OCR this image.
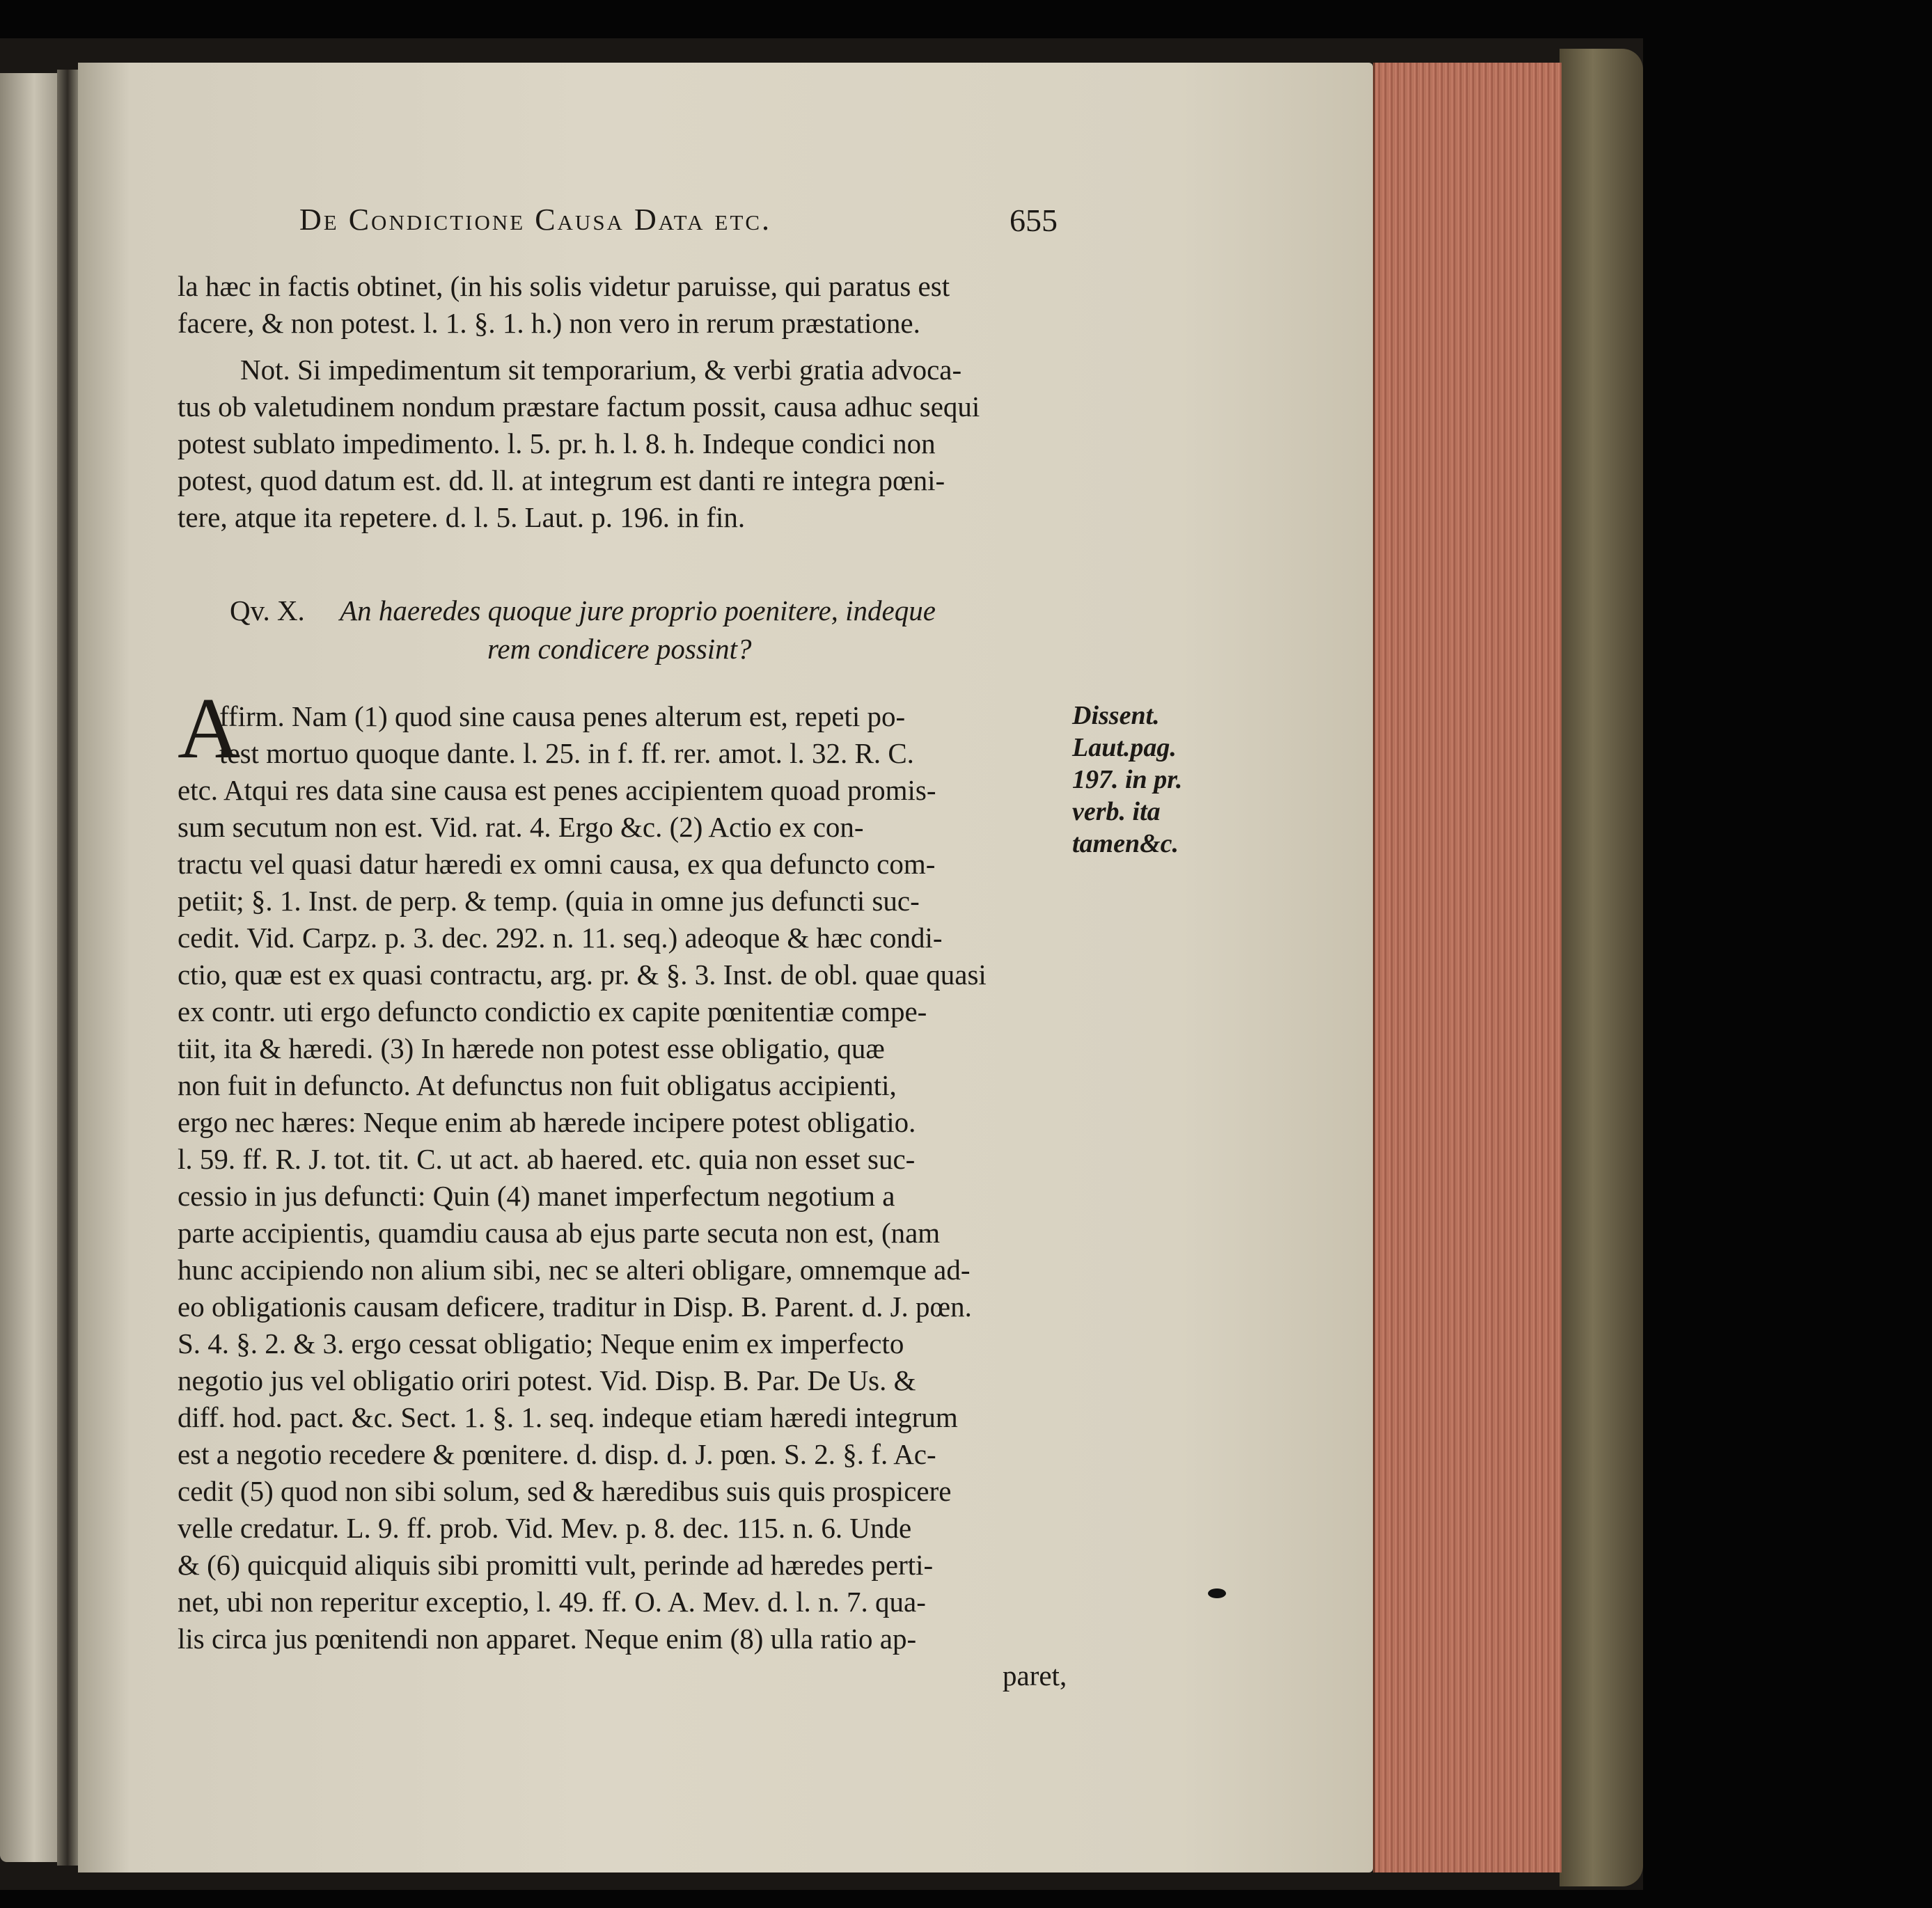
De Condictione Causa Data etc.	655
la hæc in factis obtinet, (in his solis videtur paruisse, qui paratus est
facere, & non potest. l. 1. §. 1. h.) non vero in rerum præstatione.
Not. Si impedimentum sit temporarium, & verbi gratia advoca-
tus ob valetudinem nondum præstare factum possit, causa adhuc sequi
potest sublato impedimento. l. 5. pr. h. l. 8. h. Indeque condici non
potest, quod datum est. dd. ll. at integrum est danti re integra pœni-
tere, atque ita repetere. d. l. 5. Laut. p. 196. in fin.
Qv. X. An haeredes quoque jure proprio poenitere, indeque
rem condicere possint?
A
ffirm. Nam (1) quod sine causa penes alterum est, repeti po-
test mortuo quoque dante. l. 25. in f. ff. rer. amot. l. 32. R. C.
etc. Atqui res data sine causa est penes accipientem quoad promis-
sum secutum non est. Vid. rat. 4. Ergo &c. (2) Actio ex con-
tractu vel quasi datur hæredi ex omni causa, ex qua defuncto com-
petiit; §. 1. Inst. de perp. & temp. (quia in omne jus defuncti suc-
cedit. Vid. Carpz. p. 3. dec. 292. n. 11. seq.) adeoque & hæc condi-
ctio, quæ est ex quasi contractu, arg. pr. & §. 3. Inst. de obl. quae quasi
ex contr. uti ergo defuncto condictio ex capite pœnitentiæ compe-
tiit, ita & hæredi. (3) In hærede non potest esse obligatio, quæ
non fuit in defuncto. At defunctus non fuit obligatus accipienti,
ergo nec hæres: Neque enim ab hærede incipere potest obligatio.
l. 59. ff. R. J. tot. tit. C. ut act. ab haered. etc. quia non esset suc-
cessio in jus defuncti: Quin (4) manet imperfectum negotium a
parte accipientis, quamdiu causa ab ejus parte secuta non est, (nam
hunc accipiendo non alium sibi, nec se alteri obligare, omnemque ad-
eo obligationis causam deficere, traditur in Disp. B. Parent. d. J. pœn.
S. 4. §. 2. & 3. ergo cessat obligatio; Neque enim ex imperfecto
negotio jus vel obligatio oriri potest. Vid. Disp. B. Par. De Us. &
diff. hod. pact. &c. Sect. 1. §. 1. seq. indeque etiam hæredi integrum
est a negotio recedere & pœnitere. d. disp. d. J. pœn. S. 2. §. f. Ac-
cedit (5) quod non sibi solum, sed & hæredibus suis quis prospicere
velle credatur. L. 9. ff. prob. Vid. Mev. p. 8. dec. 115. n. 6. Unde
& (6) quicquid aliquis sibi promitti vult, perinde ad hæredes perti-
net, ubi non reperitur exceptio, l. 49. ff. O. A. Mev. d. l. n. 7. qua-
lis circa jus pœnitendi non apparet. Neque enim (8) ulla ratio ap-
paret,
Dissent.
Laut.pag.
197. in pr.
verb. ita
tamen&c.
